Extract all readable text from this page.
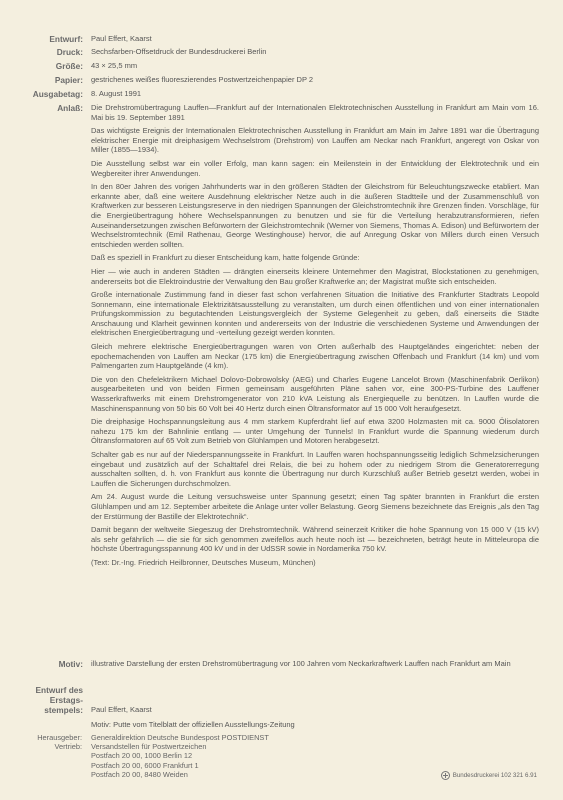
Entwurf: Paul Effert, Kaarst
Druck: Sechsfarben-Offsetdruck der Bundesdruckerei Berlin
Größe: 43 × 25,5 mm
Papier: gestrichenes weißes fluoreszierendes Postwertzeichenpapier DP 2
Ausgabetag: 8. August 1991
Anlaß: Die Drehstromübertragung Lauffen—Frankfurt auf der Internationalen Elektrotechnischen Ausstellung in Frankfurt am Main vom 16. Mai bis 19. September 1891

Das wichtigste Ereignis der Internationalen Elektrotechnischen Ausstellung in Frankfurt am Main im Jahre 1891 war die Übertragung elektrischer Energie mit dreiphasigem Wechselstrom (Drehstrom) von Lauffen am Neckar nach Frankfurt, angeregt von Oskar von Miller (1855—1934).

Die Ausstellung selbst war ein voller Erfolg, man kann sagen: ein Meilenstein in der Entwicklung der Elektrotechnik und ein Wegbereiter ihrer Anwendungen.

In den 80er Jahren des vorigen Jahrhunderts war in den größeren Städten der Gleichstrom für Beleuchtungszwecke etabliert. Man erkannte aber, daß eine weitere Ausdehnung elektrischer Netze auch in die äußeren Stadtteile und der Zusammenschluß von Kraftwerken zur besseren Leistungsreserve in den niedrigen Spannungen der Gleichstromtechnik ihre Grenzen finden. Vorschläge, für die Energieübertragung höhere Wechselspannungen zu benutzen und sie für die Verteilung herabzutransformieren, riefen Auseinandersetzungen zwischen Befürwortern der Gleichstromtechnik (Werner von Siemens, Thomas A. Edison) und Befürwortern der Wechselstromtechnik (Emil Rathenau, George Westinghouse) hervor, die auf Anregung Oskar von Millers durch einen Versuch entschieden werden sollten.

Daß es speziell in Frankfurt zu dieser Entscheidung kam, hatte folgende Gründe:

Hier — wie auch in anderen Städten — drängten einerseits kleinere Unternehmer den Magistrat, Blockstationen zu genehmigen, andererseits bot die Elektroindustrie der Verwaltung den Bau großer Kraftwerke an; der Magistrat mußte sich entscheiden.

Große internationale Zustimmung fand in dieser fast schon verfahrenen Situation die Initiative des Frankfurter Stadtrats Leopold Sonnemann, eine internationale Elektrizitätsausstellung zu veranstalten, um durch einen öffentlichen und von einer internationalen Prüfungskommission zu begutachtenden Leistungsvergleich der Systeme Gelegenheit zu geben, daß einerseits die Städte Anschauung und Klarheit gewinnen konnten und andererseits von der Industrie die verschiedenen Systeme und Anwendungen der elektrischen Energieübertragung und -verteilung gezeigt werden konnten.

Gleich mehrere elektrische Energieübertragungen waren von Orten außerhalb des Hauptgeländes eingerichtet: neben der epochemachenden von Lauffen am Neckar (175 km) die Energieübertragung zwischen Offenbach und Frankfurt (14 km) und vom Palmengarten zum Hauptgelände (4 km).

Die von den Chefelektrikern Michael Dolovo-Dobrowolsky (AEG) und Charles Eugene Lancelot Brown (Maschinenfabrik Oerlikon) ausgearbeiteten und von beiden Firmen gemeinsam ausgeführten Pläne sahen vor, eine 300-PS-Turbine des Lauffener Wasserkraftwerks mit einem Drehstromgenerator von 210 kVA Leistung als Energiequelle zu benützen. In Lauffen wurde die Maschinenspannung von 50 bis 60 Volt bei 40 Hertz durch einen Öltransformator auf 15 000 Volt heraufgesetzt.

Die dreiphasige Hochspannungsleitung aus 4 mm starkem Kupferdraht lief auf etwa 3200 Holzmasten mit ca. 9000 Ölisolatoren nahezu 175 km der Bahnlinie entlang — unter Umgehung der Tunnels! In Frankfurt wurde die Spannung wiederum durch Öltransformatoren auf 65 Volt zum Betrieb von Glühlampen und Motoren herabgesetzt.

Schalter gab es nur auf der Niederspannungsseite in Frankfurt. In Lauffen waren hochspannungsseitig lediglich Schmelzsicherungen eingebaut und zusätzlich auf der Schalttafel drei Relais, die bei zu hohem oder zu niedrigem Strom die Generatorerregung ausschalten sollten, d. h. von Frankfurt aus konnte die Übertragung nur durch Kurzschluß außer Betrieb gesetzt werden, wobei in Lauffen die Sicherungen durchschmolzen.

Am 24. August wurde die Leitung versuchsweise unter Spannung gesetzt; einen Tag später brannten in Frankfurt die ersten Glühlampen und am 12. September arbeitete die Anlage unter voller Belastung. Georg Siemens bezeichnete das Ereignis „als den Tag der Erstürmung der Bastille der Elektrotechnik“.

Damit begann der weltweite Siegeszug der Drehstromtechnik. Während seinerzeit Kritiker die hohe Spannung von 15 000 V (15 kV) als sehr gefährlich — die sie für sich genommen zweifellos auch heute noch ist — bezeichneten, beträgt heute in Mitteleuropa die höchste Übertragungsspannung 400 kV und in der UdSSR sowie in Nordamerika 750 kV.

(Text: Dr.-Ing. Friedrich Heilbronner, Deutsches Museum, München)

Motiv: illustrative Darstellung der ersten Drehstromübertragung vor 100 Jahren vom Neckarkraftwerk Lauffen nach Frankfurt am Main
Entwurf des
Erstags-
stempels: Paul Effert, Kaarst
Motiv: Putte vom Titelblatt der offiziellen Ausstellungs-Zeitung
Herausgeber: Generaldirektion Deutsche Bundespost POSTDIENST
Vertrieb: Versandstellen für Postwertzeichen
Postfach 20 00, 1000 Berlin 12
Postfach 20 00, 6000 Frankfurt 1
Postfach 20 00, 8480 Weiden	Bundesdruckerei 102 321 6.91
